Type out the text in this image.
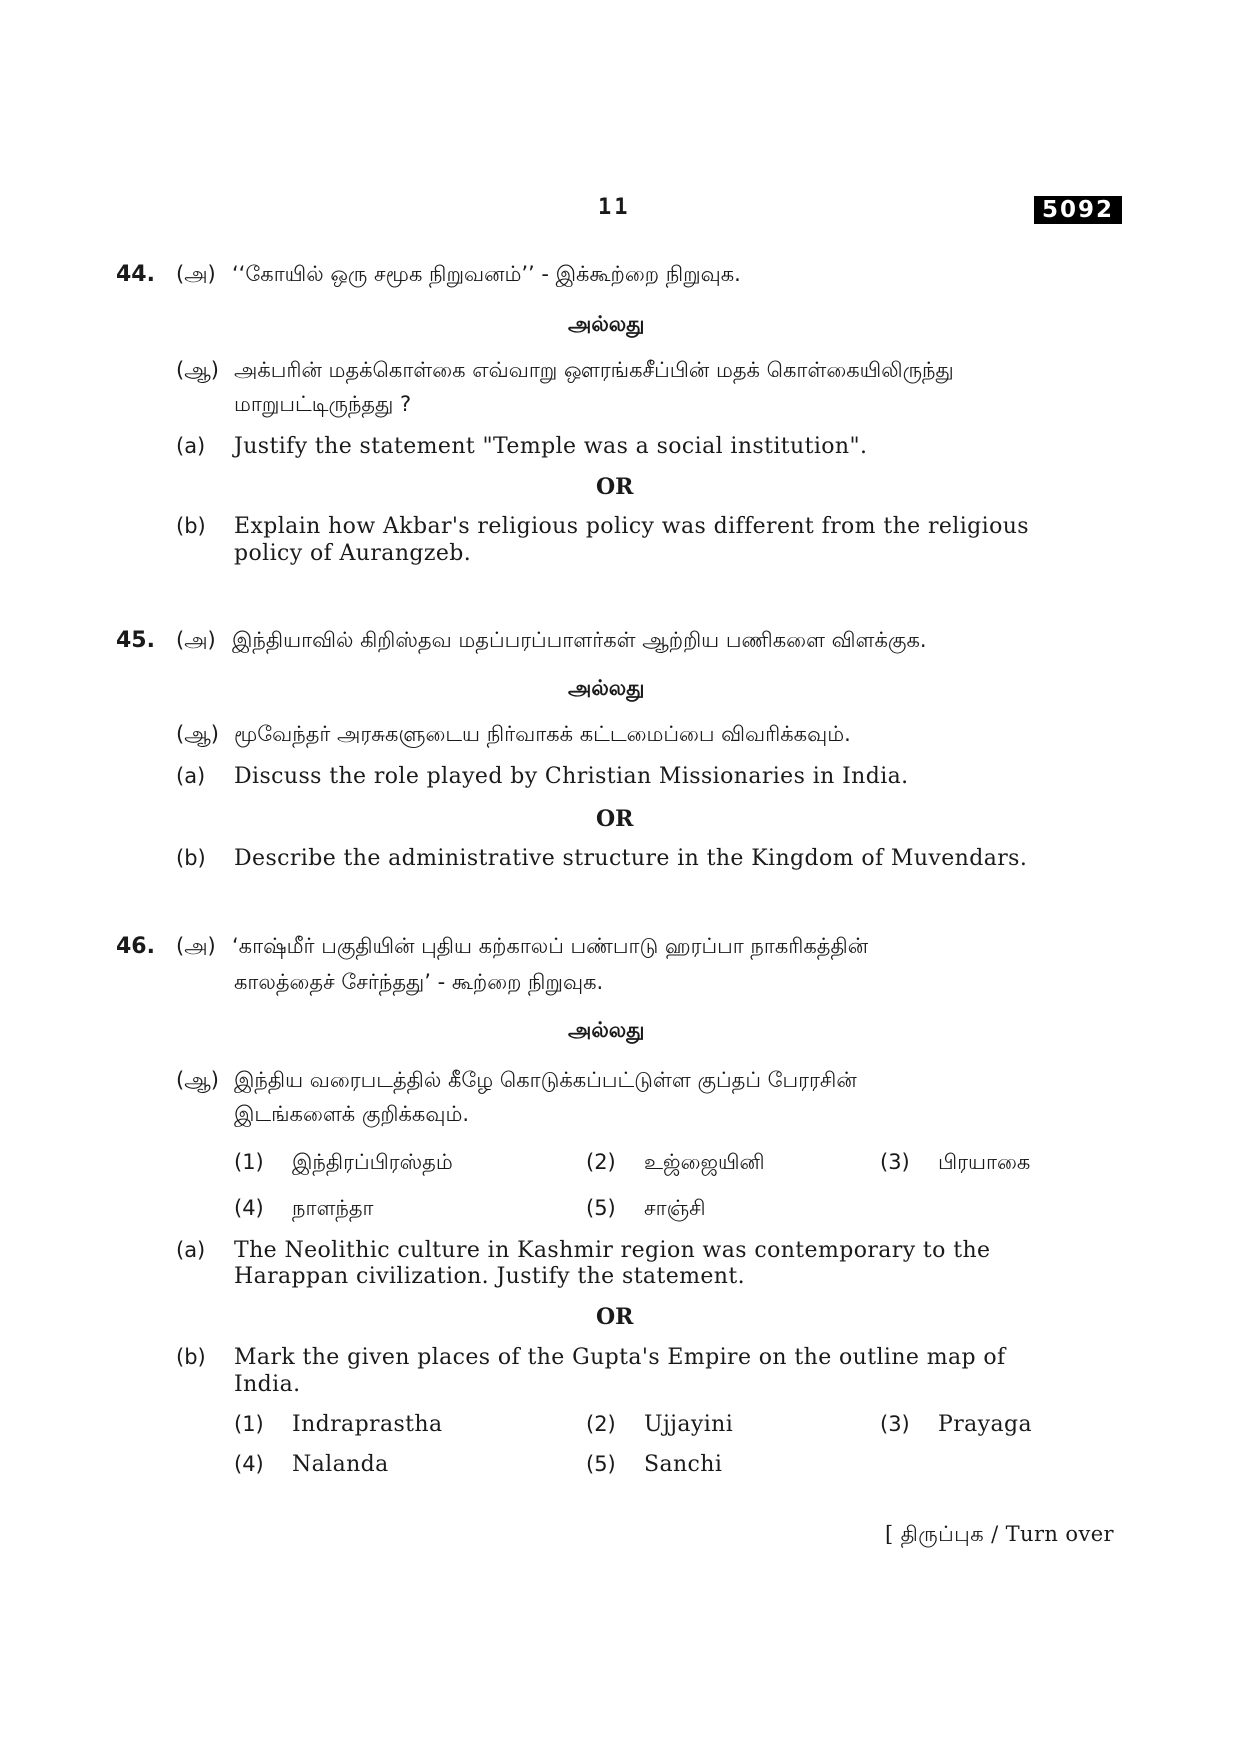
11	5092
44. (அ) ‘‘கோயில் ஒரு சமூக நிறுவனம்’’ - இக்கூற்றை நிறுவுக.
அல்லது
(ஆ) அக்பரின் மதக்கொள்கை எவ்வாறு ஔரங்கசீப்பின் மதக் கொள்கையிலிருந்து
மாறுபட்டிருந்தது ?
(a) Justify the statement "Temple was a social institution".
OR
(b) Explain how Akbar's religious policy was different from the religious
policy of Aurangzeb.
45. (அ) இந்தியாவில் கிறிஸ்தவ மதப்பரப்பாளர்கள் ஆற்றிய பணிகளை விளக்குக.
அல்லது
(ஆ) மூவேந்தர் அரசுகளுடைய நிர்வாகக் கட்டமைப்பை விவரிக்கவும்.
(a) Discuss the role played by Christian Missionaries in India.
OR
(b) Describe the administrative structure in the Kingdom of Muvendars.
46. (அ) ‘காஷ்மீர் பகுதியின் புதிய கற்காலப் பண்பாடு ஹரப்பா நாகரிகத்தின்
காலத்தைச் சேர்ந்தது’ - கூற்றை நிறுவுக.
அல்லது
(ஆ) இந்திய வரைபடத்தில் கீழே கொடுக்கப்பட்டுள்ள குப்தப் பேரரசின்
இடங்களைக் குறிக்கவும்.
(1) இந்திரப்பிரஸ்தம்	(2) உஜ்ஜையினி	(3) பிரயாகை
(4) நாளந்தா	(5) சாஞ்சி
(a) The Neolithic culture in Kashmir region was contemporary to the
Harappan civilization. Justify the statement.
OR
(b) Mark the given places of the Gupta's Empire on the outline map of
India.
(1) Indraprastha	(2) Ujjayini	(3) Prayaga
(4) Nalanda	(5) Sanchi
[ திருப்புக / Turn over
